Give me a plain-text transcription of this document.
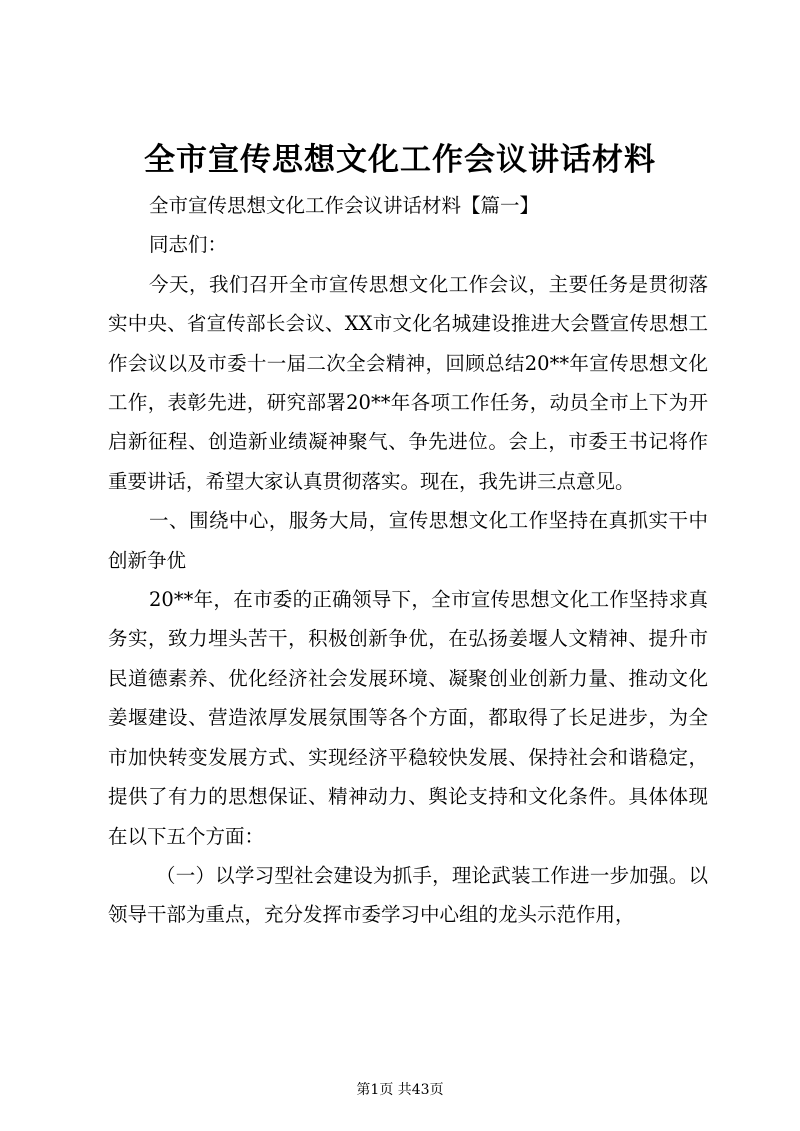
全市宣传思想文化工作会议讲话材料

全市宣传思想文化工作会议讲话材料【篇一】

同志们：

今天，我们召开全市宣传思想文化工作会议，主要任务是贯彻落实中央、省宣传部长会议、XX市文化名城建设推进大会暨宣传思想工作会议以及市委十一届二次全会精神，回顾总结20**年宣传思想文化工作，表彰先进，研究部署20**年各项工作任务，动员全市上下为开启新征程、创造新业绩凝神聚气、争先进位。会上，市委王书记将作重要讲话，希望大家认真贯彻落实。现在，我先讲三点意见。

一、围绕中心，服务大局，宣传思想文化工作坚持在真抓实干中创新争优

20**年，在市委的正确领导下，全市宣传思想文化工作坚持求真务实，致力埋头苦干，积极创新争优，在弘扬姜堰人文精神、提升市民道德素养、优化经济社会发展环境、凝聚创业创新力量、推动文化姜堰建设、营造浓厚发展氛围等各个方面，都取得了长足进步，为全市加快转变发展方式、实现经济平稳较快发展、保持社会和谐稳定，提供了有力的思想保证、精神动力、舆论支持和文化条件。具体体现在以下五个方面：

（一）以学习型社会建设为抓手，理论武装工作进一步加强。以领导干部为重点，充分发挥市委学习中心组的龙头示范作用，

第1页 共43页
